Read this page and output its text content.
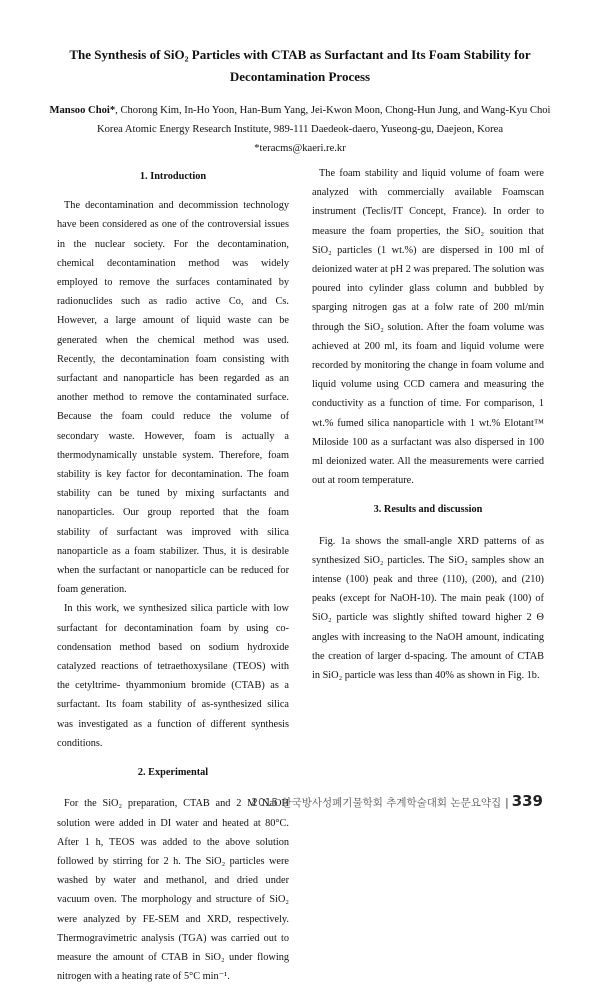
The Synthesis of SiO₂ Particles with CTAB as Surfactant and Its Foam Stability for
Decontamination Process
Mansoo Choi*, Chorong Kim, In-Ho Yoon, Han-Bum Yang, Jei-Kwon Moon, Chong-Hun Jung, and Wang-Kyu Choi
Korea Atomic Energy Research Institute, 989-111 Daedeok-daero, Yuseong-gu, Daejeon, Korea
*teracms@kaeri.re.kr
1. Introduction

The decontamination and decommission technology have been considered as one of the controversial issues in the nuclear society. For the decontamination, chemical decontamination method was widely employed to remove the surfaces contaminated by radionuclides such as radio active Co, and Cs. However, a large amount of liquid waste can be generated when the chemical method was used. Recently, the decontamination foam consisting with surfactant and nanoparticle has been regarded as an another method to remove the contaminated surface. Because the foam could reduce the volume of secondary waste. However, foam is actually a thermodynamically unstable system. Therefore, foam stability is key factor for decontamination. The foam stability can be tuned by mixing surfactants and nanoparticles. Our group reported that the foam stability of surfactant was improved with silica nanoparticle as a foam stabilizer. Thus, it is desirable when the surfactant or nanoparticle can be reduced for foam generation.

In this work, we synthesized silica particle with low surfactant for decontamination foam by using co-condensation method based on sodium hydroxide catalyzed reactions of tetraethoxysilane (TEOS) with the cetyltrime- thyammonium bromide (CTAB) as a surfactant. Its foam stability of as-synthesized silica was investigated as a function of different synthesis conditions.

2. Experimental

For the SiO₂ preparation, CTAB and 2 M NaOH solution were added in DI water and heated at 80°C. After 1 h, TEOS was added to the above solution followed by stirring for 2 h. The SiO₂ particles were washed by water and methanol, and dried under vacuum oven. The morphology and structure of SiO₂ were analyzed by FE-SEM and XRD, respectively. Thermogravimetric analysis (TGA) was carried out to measure the amount of CTAB in SiO₂ under flowing nitrogen with a heating rate of 5°C min⁻¹.

The foam stability and liquid volume of foam were analyzed with commercially available Foamscan instrument (Teclis/IT Concept, France). In order to measure the foam properties, the SiO₂ souition that SiO₂ particles (1 wt.%) are dispersed in 100 ml of deionized water at pH 2 was prepared. The solution was poured into cylinder glass column and bubbled by sparging nitrogen gas at a folw rate of 200 ml/min through the SiO₂ solution. After the foam volume was achieved at 200 ml, its foam and liquid volume were recorded by monitoring the change in foam volume and liquid volume using CCD camera and measuring the conductivity as a function of time. For comparison, 1 wt.% fumed silica nanoparticle with 1 wt.% Elotant™ Miloside 100 as a surfactant was also dispersed in 100 ml deionized water. All the measurements were carried out at room temperature.

3. Results and discussion

Fig. 1a shows the small-angle XRD patterns of as synthesized SiO₂ particles. The SiO₂ samples show an intense (100) peak and three (110), (200), and (210) peaks (except for NaOH-10). The main peak (100) of SiO₂ particle was slightly shifted toward higher 2 Θ angles with increasing to the NaOH amount, indicating the creation of larger d-spacing. The amount of CTAB in SiO₂ particle was less than 40% as shown in Fig. 1b.

2015 한국방사성폐기물학회 추계학술대회 논문요약집 | 339
